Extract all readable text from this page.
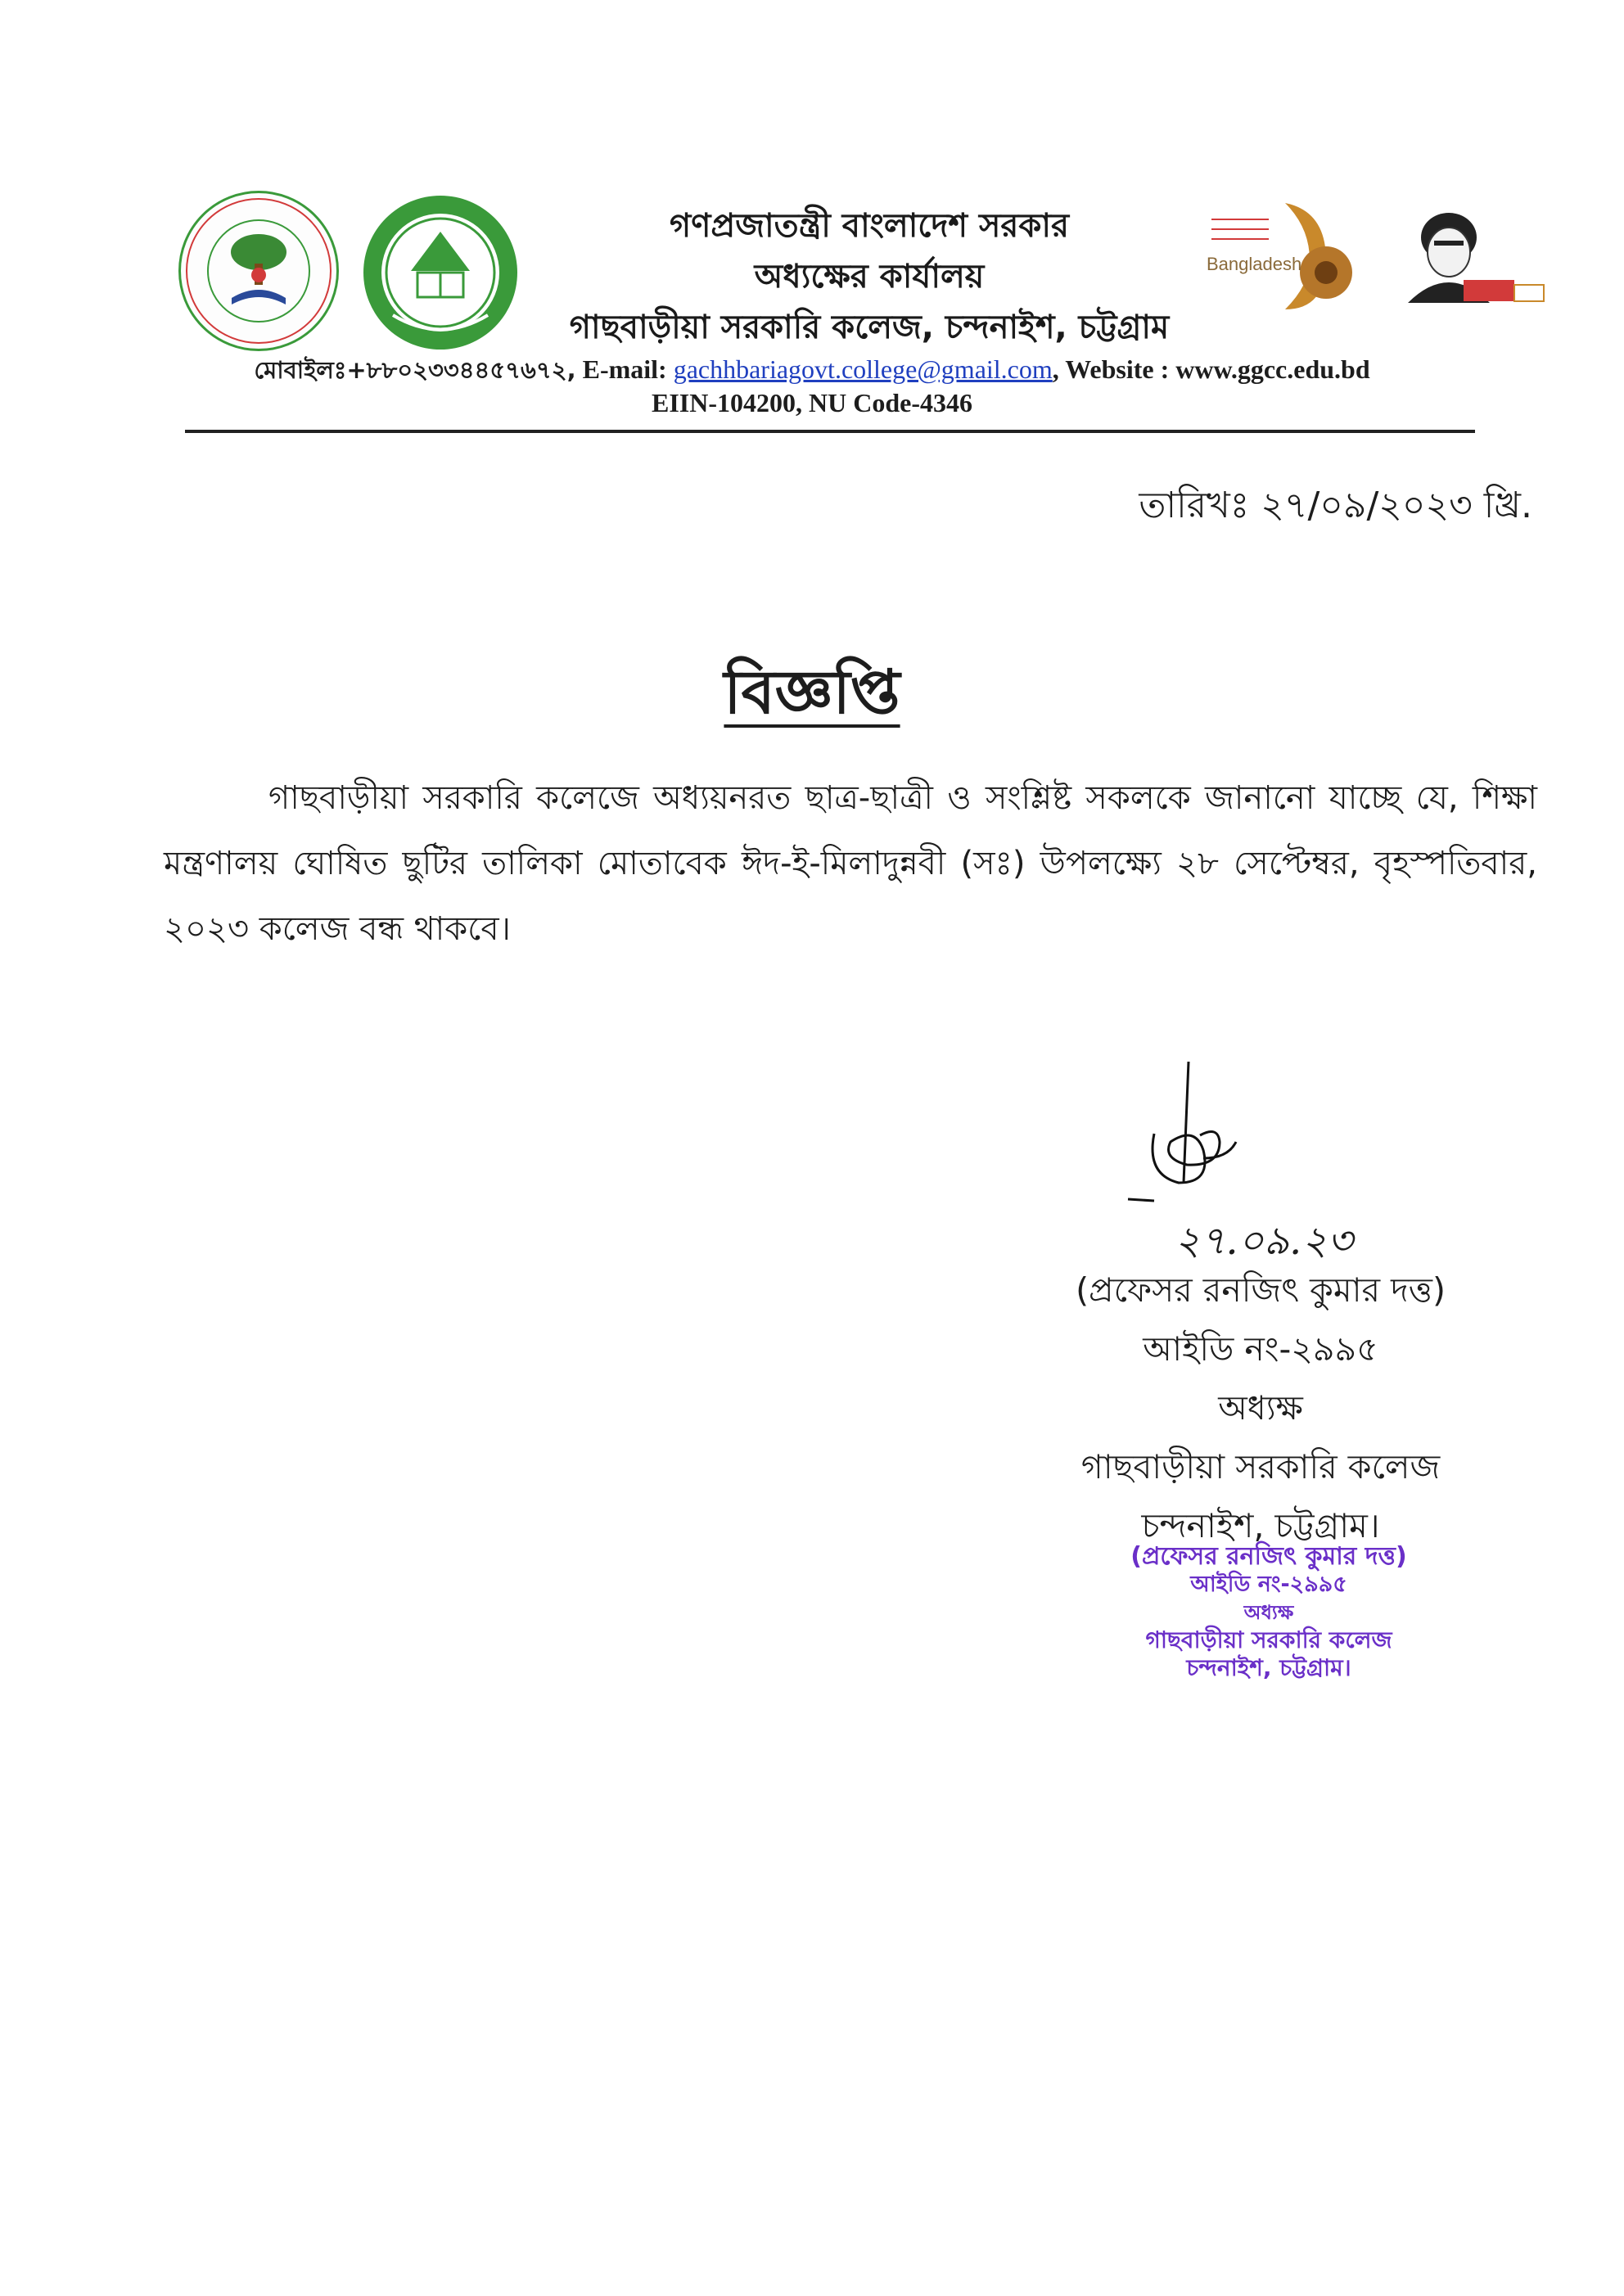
গণপ্রজাতন্ত্রী বাংলাদেশ সরকার
অধ্যক্ষের কার্যালয়
গাছবাড়ীয়া সরকারি কলেজ, চন্দনাইশ, চট্টগ্রাম
Bangladesh
মোবাইলঃ+৮৮০২৩৩৪৪৫৭৬৭২, E-mail: gachhbariagovt.college@gmail.com, Website : www.ggcc.edu.bd
EIIN-104200, NU Code-4346
তারিখঃ ২৭/০৯/২০২৩ খ্রি.
বিজ্ঞপ্তি
গাছবাড়ীয়া সরকারি কলেজে অধ্যয়নরত ছাত্র-ছাত্রী ও সংশ্লিষ্ট সকলকে জানানো যাচ্ছে যে, শিক্ষা মন্ত্রণালয় ঘোষিত ছুটির তালিকা মোতাবেক ঈদ-ই-মিলাদুন্নবী (সঃ) উপলক্ষ্যে ২৮ সেপ্টেম্বর, বৃহস্পতিবার, ২০২৩ কলেজ বন্ধ থাকবে।
২৭.০৯.২৩
(প্রফেসর রনজিৎ কুমার দত্ত)
আইডি নং-২৯৯৫
অধ্যক্ষ
গাছবাড়ীয়া সরকারি কলেজ
চন্দনাইশ, চট্টগ্রাম।
(প্রফেসর রনজিৎ কুমার দত্ত)
আইডি নং-২৯৯৫
অধ্যক্ষ
গাছবাড়ীয়া সরকারি কলেজ
চন্দনাইশ, চট্টগ্রাম।
